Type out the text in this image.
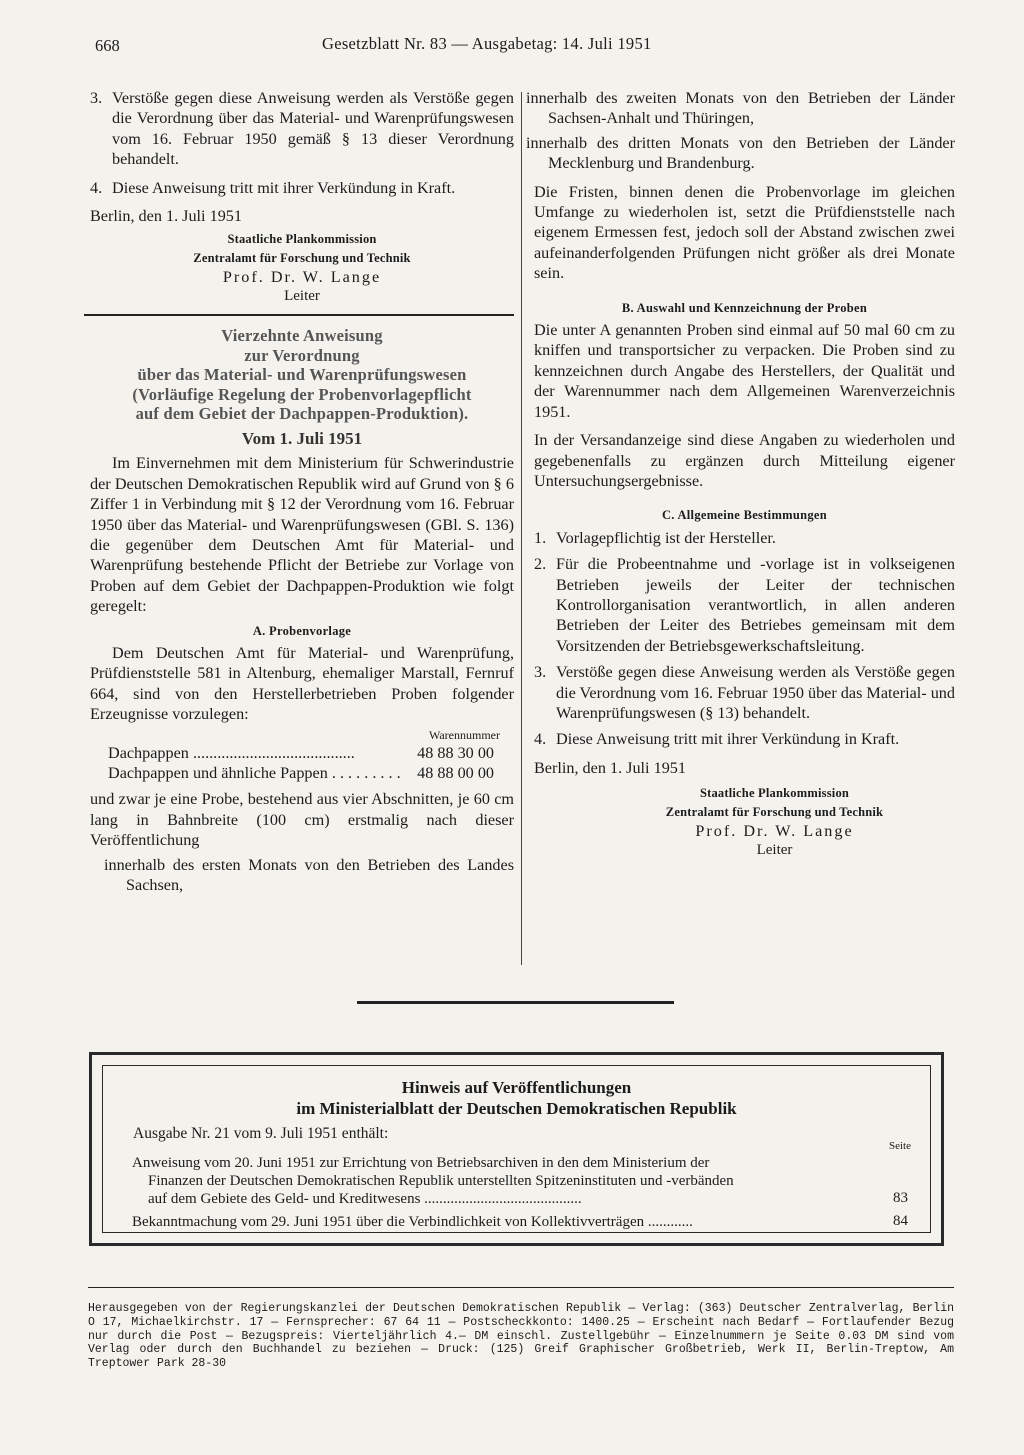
668	Gesetzblatt Nr. 83 — Ausgabetag: 14. Juli 1951
3. Verstöße gegen diese Anweisung werden als Verstöße gegen die Verordnung über das Material- und Warenprüfungswesen vom 16. Februar 1950 gemäß § 13 dieser Verordnung behandelt.
4. Diese Anweisung tritt mit ihrer Verkündung in Kraft.

Berlin, den 1. Juli 1951

Staatliche Plankommission
Zentralamt für Forschung und Technik
Prof. Dr. W. Lange
Leiter
Vierzehnte Anweisung
zur Verordnung
über das Material- und Warenprüfungswesen
(Vorläufige Regelung der Probenvorlagepflicht
auf dem Gebiet der Dachpappen-Produktion).
Vom 1. Juli 1951

Im Einvernehmen mit dem Ministerium für Schwerindustrie der Deutschen Demokratischen Republik wird auf Grund von § 6 Ziffer 1 in Verbindung mit § 12 der Verordnung vom 16. Februar 1950 über das Material- und Warenprüfungswesen (GBl. S. 136) die gegenüber dem Deutschen Amt für Material- und Warenprüfung bestehende Pflicht der Betriebe zur Vorlage von Proben auf dem Gebiet der Dachpappen-Produktion wie folgt geregelt:

A. Probenvorlage

Dem Deutschen Amt für Material- und Warenprüfung, Prüfdienststelle 581 in Altenburg, ehemaliger Marstall, Fernruf 664, sind von den Herstellerbetrieben Proben folgender Erzeugnisse vorzulegen:

Warennummer
Dachpappen ........................................	48 88 30 00
Dachpappen und ähnliche Pappen . . . . . . . . .	48 88 00 00

und zwar je eine Probe, bestehend aus vier Abschnitten, je 60 cm lang in Bahnbreite (100 cm) erstmalig nach dieser Veröffentlichung

innerhalb des ersten Monats von den Betrieben des Landes Sachsen,

innerhalb des zweiten Monats von den Betrieben der Länder Sachsen-Anhalt und Thüringen,

innerhalb des dritten Monats von den Betrieben der Länder Mecklenburg und Brandenburg.

Die Fristen, binnen denen die Probenvorlage im gleichen Umfange zu wiederholen ist, setzt die Prüfdienststelle nach eigenem Ermessen fest, jedoch soll der Abstand zwischen zwei aufeinanderfolgenden Prüfungen nicht größer als drei Monate sein.

B. Auswahl und Kennzeichnung der Proben

Die unter A genannten Proben sind einmal auf 50 mal 60 cm zu kniffen und transportsicher zu verpacken. Die Proben sind zu kennzeichnen durch Angabe des Herstellers, der Qualität und der Warennummer nach dem Allgemeinen Warenverzeichnis 1951.

In der Versandanzeige sind diese Angaben zu wiederholen und gegebenenfalls zu ergänzen durch Mitteilung eigener Untersuchungsergebnisse.

C. Allgemeine Bestimmungen
1. Vorlagepflichtig ist der Hersteller.
2. Für die Probeentnahme und -vorlage ist in volkseigenen Betrieben jeweils der Leiter der technischen Kontrollorganisation verantwortlich, in allen anderen Betrieben der Leiter des Betriebes gemeinsam mit dem Vorsitzenden der Betriebsgewerkschaftsleitung.
3. Verstöße gegen diese Anweisung werden als Verstöße gegen die Verordnung vom 16. Februar 1950 über das Material- und Warenprüfungswesen (§ 13) behandelt.
4. Diese Anweisung tritt mit ihrer Verkündung in Kraft.

Berlin, den 1. Juli 1951

Staatliche Plankommission
Zentralamt für Forschung und Technik
Prof. Dr. W. Lange
Leiter
Hinweis auf Veröffentlichungen
im Ministerialblatt der Deutschen Demokratischen Republik
Ausgabe Nr. 21 vom 9. Juli 1951 enthält:
Seite
Anweisung vom 20. Juni 1951 zur Errichtung von Betriebsarchiven in den dem Ministerium der
Finanzen der Deutschen Demokratischen Republik unterstellten Spitzeninstituten und -verbänden
auf dem Gebiete des Geld- und Kreditwesens ..........................................	83
Bekanntmachung vom 29. Juni 1951 über die Verbindlichkeit von Kollektivverträgen ............	84
Herausgegeben von der Regierungskanzlei der Deutschen Demokratischen Republik — Verlag: (363) Deutscher Zentralverlag, Berlin O 17, Michaelkirchstr. 17 — Fernsprecher: 67 64 11 — Postscheckkonto: 1400.25 — Erscheint nach Bedarf — Fortlaufender Bezug nur durch die Post — Bezugspreis: Vierteljährlich 4.— DM einschl. Zustellgebühr — Einzelnummern je Seite 0.03 DM sind vom Verlag oder durch den Buchhandel zu beziehen — Druck: (125) Greif Graphischer Großbetrieb, Werk II, Berlin-Treptow, Am Treptower Park 28-30
